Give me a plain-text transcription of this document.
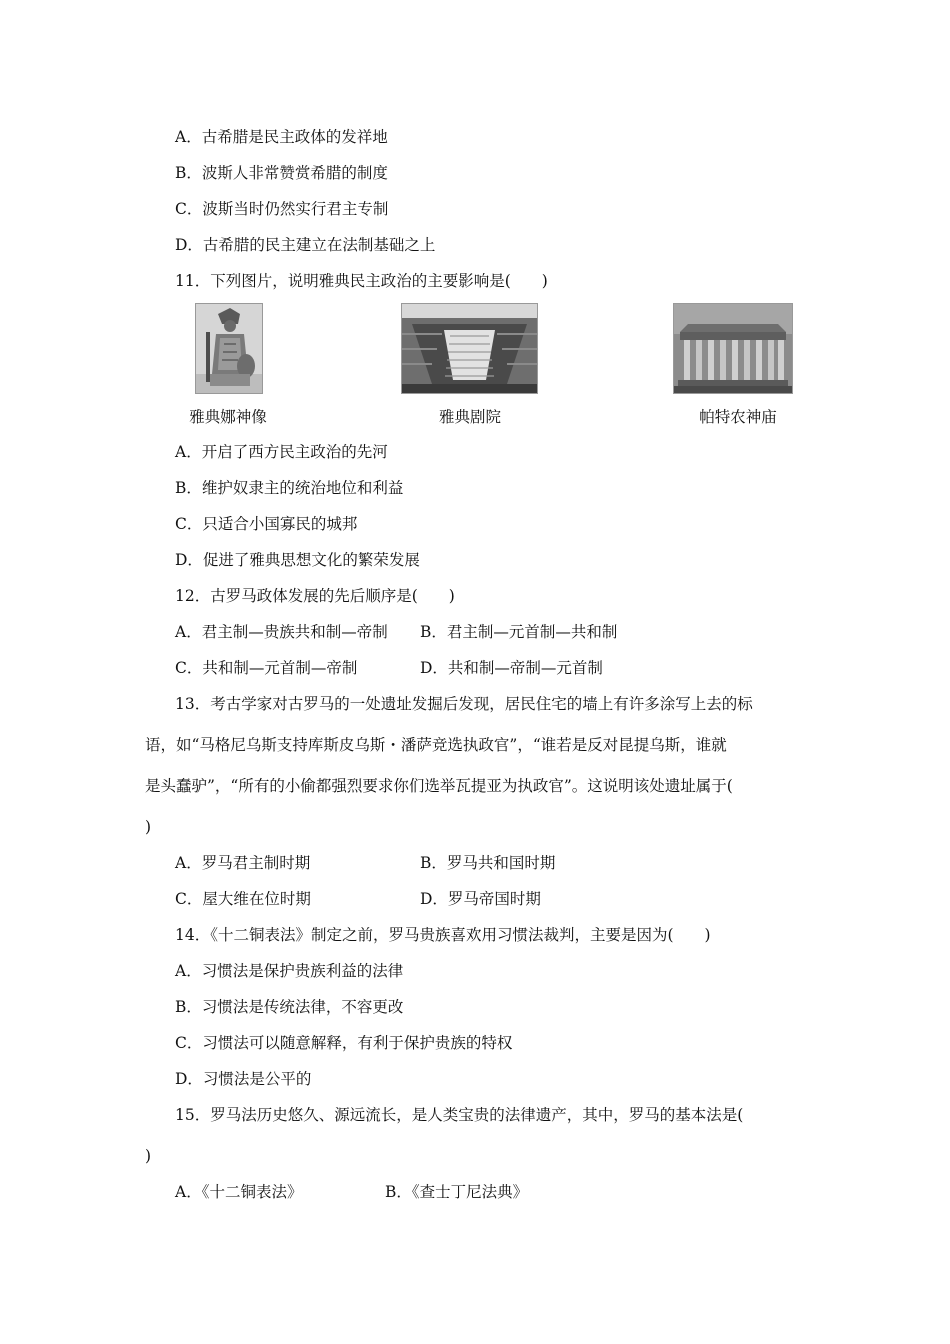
A．古希腊是民主政体的发祥地
B．波斯人非常赞赏希腊的制度
C．波斯当时仍然实行君主专制
D．古希腊的民主建立在法制基础之上
11．下列图片，说明雅典民主政治的主要影响是(　　)
雅典娜神像	雅典剧院	帕特农神庙
A．开启了西方民主政治的先河
B．维护奴隶主的统治地位和利益
C．只适合小国寡民的城邦
D．促进了雅典思想文化的繁荣发展
12．古罗马政体发展的先后顺序是(　　)
A．君主制—贵族共和制—帝制 B．君主制—元首制—共和制
C．共和制—元首制—帝制	D．共和制—帝制—元首制
13．考古学家对古罗马的一处遗址发掘后发现，居民住宅的墙上有许多涂写上去的标
语，如“马格尼乌斯支持库斯皮乌斯・潘萨竞选执政官”，“谁若是反对昆提乌斯，谁就
是头蠢驴”，“所有的小偷都强烈要求你们选举瓦提亚为执政官”。这说明该处遗址属于(
)
A．罗马君主制时期	B．罗马共和国时期
C．屋大维在位时期	D．罗马帝国时期
14．《十二铜表法》制定之前，罗马贵族喜欢用习惯法裁判，主要是因为(　　)
A．习惯法是保护贵族利益的法律
B．习惯法是传统法律，不容更改
C．习惯法可以随意解释，有利于保护贵族的特权
D．习惯法是公平的
15．罗马法历史悠久、源远流长，是人类宝贵的法律遗产，其中，罗马的基本法是(
)
A．《十二铜表法》	B．《查士丁尼法典》
